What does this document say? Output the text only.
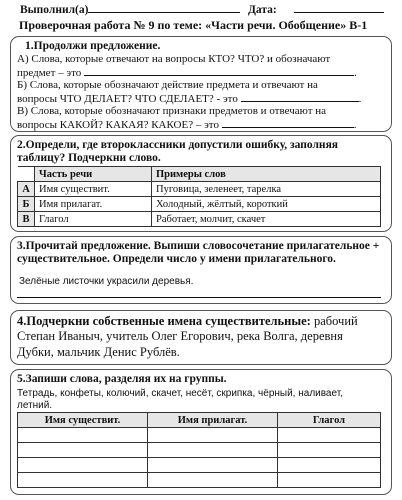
Выполнил(а)	Дата:
Проверочная работа № 9 по теме: «Части речи. Обобщение» В-1
1.Продолжи предложение.
А) Слова, которые отвечают на вопросы КТО? ЧТО? и обозначают
предмет – это	.
Б) Слова, которые обозначают действие предмета и отвечают на
вопросы ЧТО ДЕЛАЕТ? ЧТО СДЕЛАЕТ? - это	.
В) Слова, которые обозначают признаки предметов и отвечают на
вопросы КАКОЙ? КАКАЯ? КАКОЕ? – это	.
2.Определи, где второклассники допустили ошибку, заполняя
таблицу? Подчеркни слово.
	Часть речи	Примеры слов
А	Имя существит.	Пуговица, зеленеет, тарелка
Б	Имя прилагат.	Холодный, жёлтый, короткий
В	Глагол	Работает, молчит, скачет
3.Прочитай предложение. Выпиши словосочетание прилагательное +
существительное. Определи число у имени прилагательного.
Зелёные листочки украсили деревья.
4.Подчеркни собственные имена существительные: рабочий
Степан Иваныч, учитель Олег Егорович, река Волга, деревня
Дубки, мальчик Денис Рублёв.
5.Запиши слова, разделяя их на группы.
Тетрадь, конфеты, колючий, скачет, несёт, скрипка, чёрный, наливает,
летний.
Имя существит.	Имя прилагат.	Глагол
